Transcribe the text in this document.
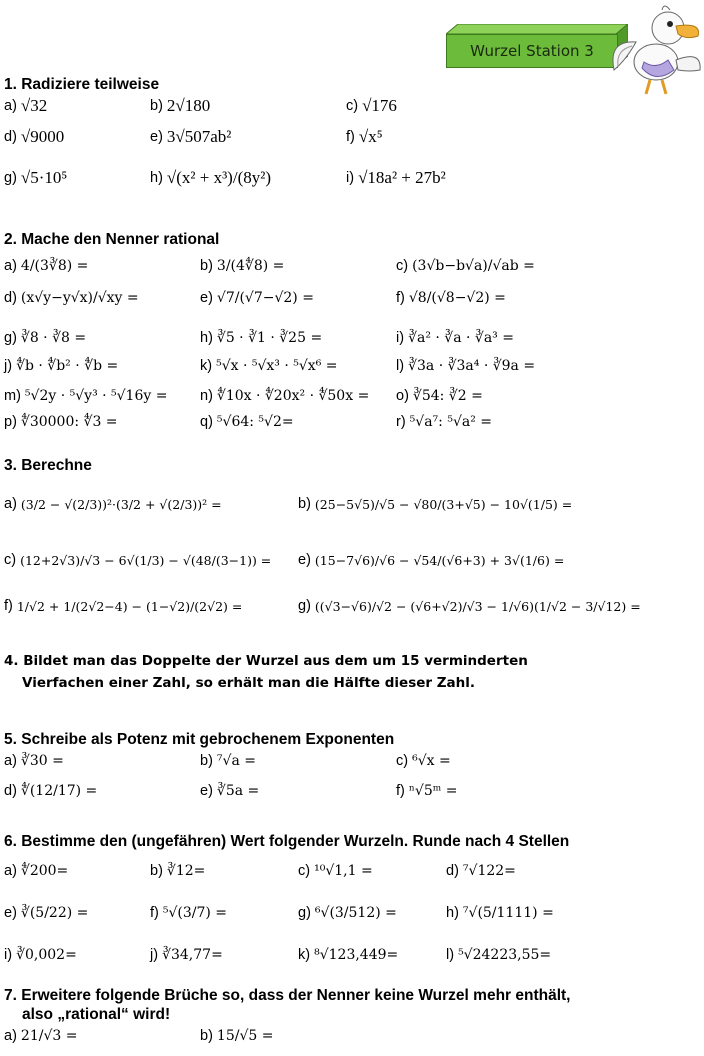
Wurzel Station 3
1. Radiziere teilweise
a) √32	b) 2√180	c) √176
d) √9000	e) 3√507ab²	f) √x⁵
g) √5·10⁵	h) √(x² + x³)/(8y²)	i) √18a² + 27b²
2. Mache den Nenner rational
a) 4/(3∛8) =	b) 3/(4∜8) =	c) (3√b−b√a)/√ab =
d) (x√y−y√x)/√xy =	e) √7/(√7−√2) =	f) √8/(√8−√2) =
g) ∛8 · ∛8 =	h) ∛5 · ∛1 · ∛25 =	i) ∛a² · ∛a · ∛a³ =
j) ∜b · ∜b² · ∜b =	k) ⁵√x · ⁵√x³ · ⁵√x⁶ =	l) ∛3a · ∛3a⁴ · ∛9a =
m) ⁵√2y · ⁵√y³ · ⁵√16y = n) ∜10x · ∜20x² · ∜50x = o) ∛54: ∛2 =
p) ∜30000: ∜3 =	q) ⁵√64: ⁵√2=	r) ⁵√a⁷: ⁵√a² =
3. Berechne
a) (3/2 − √(2/3))²·(3/2 + √(2/3))² =	b) (25−5√5)/√5 − √80/(3+√5) − 10√(1/5) =
c) (12+2√3)/√3 − 6√(1/3) − √(48/(3−1)) = e) (15−7√6)/√6 − √54/(√6+3) + 3√(1/6) =
f) 1/√2 + 1/(2√2−4) − (1−√2)/(2√2) =	g) ((√3−√6)/√2 − (√6+√2)/√3 − 1/√6)(1/√2 − 3/√12) =
4. Bildet man das Doppelte der Wurzel aus dem um 15 verminderten
Vierfachen einer Zahl, so erhält man die Hälfte dieser Zahl.
5. Schreibe als Potenz mit gebrochenem Exponenten
a) ∛30 =	b) ⁷√a =	c) ⁶√x =
d) ∜(12/17) =	e) ∛5a =	f) ⁿ√5ᵐ =
6. Bestimme den (ungefähren) Wert folgender Wurzeln. Runde nach 4 Stellen
a) ∜200=	b) ∛12=	c) ¹⁰√1,1 =	d) ⁷√122=
e) ∛(5/22) =	f) ⁵√(3/7) =	g) ⁶√(3/512) =	h) ⁷√(5/1111) =
i) ∛0,002=	j) ∛34,77=	k) ⁸√123,449=	l) ⁵√24223,55=
7. Erweitere folgende Brüche so, dass der Nenner keine Wurzel mehr enthält,
also „rational“ wird!
a) 21/√3 =	b) 15/√5 =
